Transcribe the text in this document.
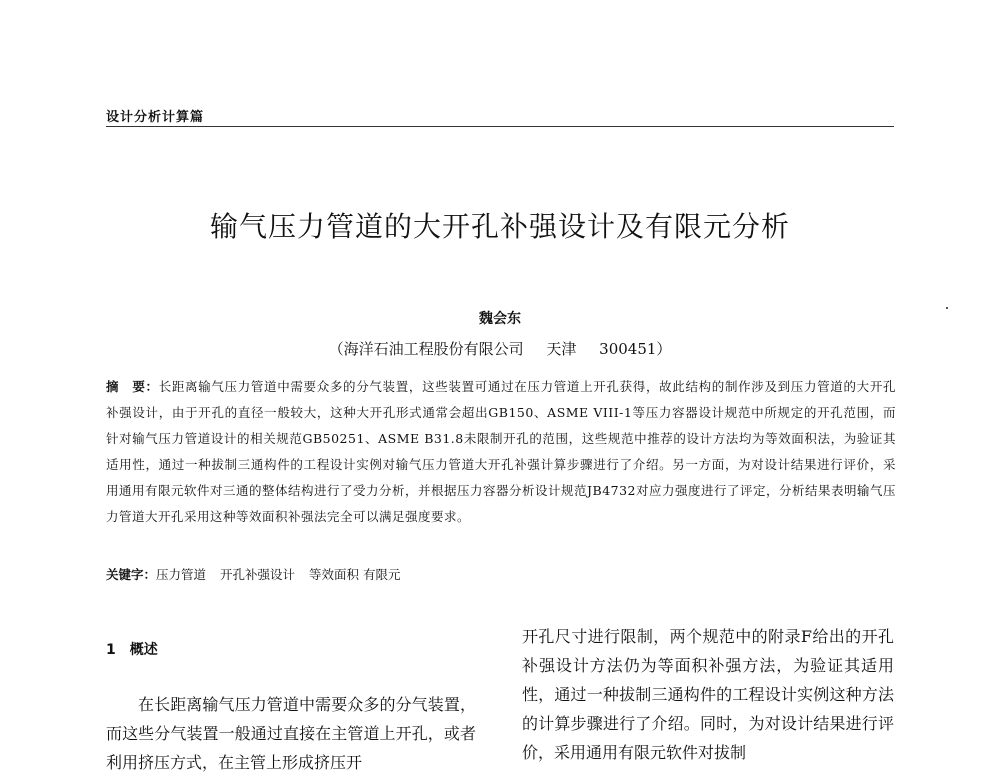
设计分析计算篇
输气压力管道的大开孔补强设计及有限元分析
魏会东
（海洋石油工程股份有限公司 天津 300451）

摘　要：长距离输气压力管道中需要众多的分气装置，这些装置可通过在压力管道上开孔获得，故此结构的制作涉及到压力管道的大开孔补强设计，由于开孔的直径一般较大，这种大开孔形式通常会超出GB150、ASME VIII-1等压力容器设计规范中所规定的开孔范围，而针对输气压力管道设计的相关规范GB50251、ASME B31.8未限制开孔的范围，这些规范中推荐的设计方法均为等效面积法，为验证其适用性，通过一种拔制三通构件的工程设计实例对输气压力管道大开孔补强计算步骤进行了介绍。另一方面，为对设计结果进行评价，采用通用有限元软件对三通的整体结构进行了受力分析，并根据压力容器分析设计规范JB4732对应力强度进行了评定，分析结果表明输气压力管道大开孔采用这种等效面积补强法完全可以满足强度要求。

关键字：压力管道 开孔补强设计 等效面积 有限元

1 概述

在长距离输气压力管道中需要众多的分气装置，而这些分气装置一般通过直接在主管道上开孔，或者利用挤压方式，在主管上形成挤压开

开孔尺寸进行限制，两个规范中的附录F给出的开孔补强设计方法仍为等面积补强方法，为验证其适用性，通过一种拔制三通构件的工程设计实例这种方法的计算步骤进行了介绍。同时，为对设计结果进行评价，采用通用有限元软件对拔制
